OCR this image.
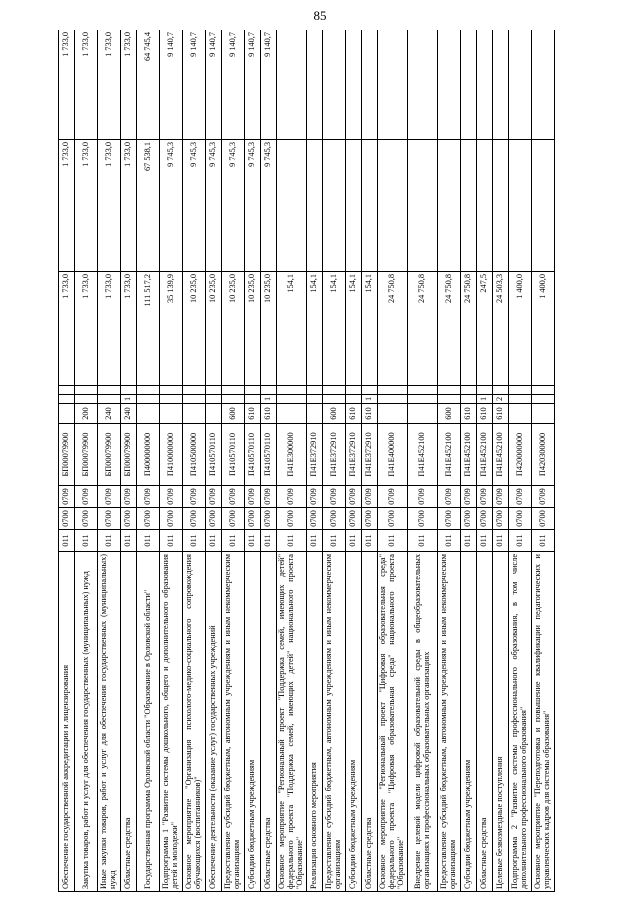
85
Обеспечение государственной аккредитации и лицензирования	011	0700	0709	БП00079900				1 733,0	1 733,0	1 733,0
Закупка товаров, работ и услуг для обеспечения государственных (муниципальных) нужд	011	0700	0709	БП00079900	200			1 733,0	1 733,0	1 733,0
Иные закупки товаров, работ и услуг для обеспечения государственных (муниципальных) нужд	011	0700	0709	БП00079900	240			1 733,0	1 733,0	1 733,0
Областные средства	011	0700	0709	БП00079900	240	1		1 733,0	1 733,0	1 733,0
Государственная программа Орловской области "Образование в Орловской области"	011	0700	0709	П400000000				111 517,2	67 538,1	64 745,4
Подпрограмма 1 "Развитие системы дошкольного, общего и дополнительного образования детей и молодежи"	011	0700	0709	П410000000				35 139,9	9 745,3	9 140,7
Основное мероприятие "Организация психолого-медико-социального сопровождения обучающихся (воспитанников)"	011	0700	0709	П410500000				10 235,0	9 745,3	9 140,7
Обеспечение деятельности (оказание услуг) государственных учреждений	011	0700	0709	П410570110				10 235,0	9 745,3	9 140,7
Предоставление субсидий бюджетным, автономным учреждениям и иным некоммерческим организациям	011	0700	0709	П410570110	600			10 235,0	9 745,3	9 140,7
Субсидии бюджетным учреждениям	011	0700	0709	П410570110	610			10 235,0	9 745,3	9 140,7
Областные средства	011	0700	0709	П410570110	610	1		10 235,0	9 745,3	9 140,7
Основное мероприятие "Региональный проект "Поддержка семей, имеющих детей" федерального проекта "Поддержка семей, имеющих детей" национального проекта "Образование"	011	0700	0709	П41Е300000				154,1		
Реализация основного мероприятия	011	0700	0709	П41Е372910				154,1		
Предоставление субсидий бюджетным, автономным учреждениям и иным некоммерческим организациям	011	0700	0709	П41Е372910	600			154,1		
Субсидии бюджетным учреждениям	011	0700	0709	П41Е372910	610			154,1		
Областные средства	011	0700	0709	П41Е372910	610	1		154,1		
Основное мероприятие "Региональный проект "Цифровая образовательная среда" федерального проекта "Цифровая образовательная среда" национального проекта "Образование"	011	0700	0709	П41Е400000				24 750,8		
Внедрение целевой модели цифровой образовательной среды в общеобразовательных организациях и профессиональных образовательных организациях	011	0700	0709	П41Е452100				24 750,8		
Предоставление субсидий бюджетным, автономным учреждениям и иным некоммерческим организациям	011	0700	0709	П41Е452100	600			24 750,8		
Субсидии бюджетным учреждениям	011	0700	0709	П41Е452100	610			24 750,8		
Областные средства	011	0700	0709	П41Е452100	610	1		247,5		
Целевые безвозмездные поступления	011	0700	0709	П41Е452100	610	2		24 503,3		
Подпрограмма 2 "Развитие системы профессионального образования, в том числе дополнительного профессионального образования"	011	0700	0709	П420000000				1 400,0		
Основное мероприятие "Переподготовка и повышение квалификации педагогических и управленческих кадров для системы образования"	011	0700	0709	П420300000				1 400,0		
